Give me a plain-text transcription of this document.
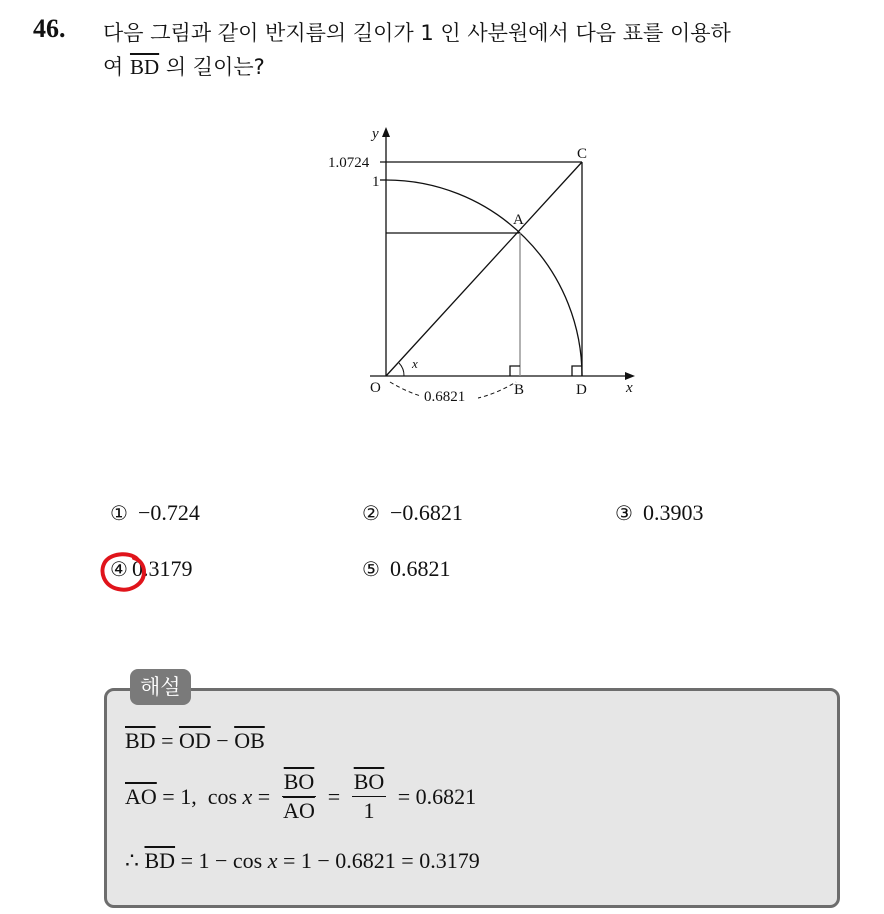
46. 다음 그림과 같이 반지름의 길이가 1 인 사분원에서 다음 표를 이용하
여 $\overline{BD}$ 의 길이는?
y
x
1.0724
1
O
A
B
C
D
x
0.6821
① −0.724	② −0.6821	③ 0.3903
④ 0.3179	⑤ 0.6821
해설
$\overline{BD} = \overline{OD} - \overline{OB}$
$\overline{AO} = 1$, $\cos x = \frac{\overline{BO}}{AO} = \frac{\overline{BO}}{1} = 0.6821$
∴ $\overline{BD} = 1 - \cos x = 1 - 0.6821 = 0.3179$
